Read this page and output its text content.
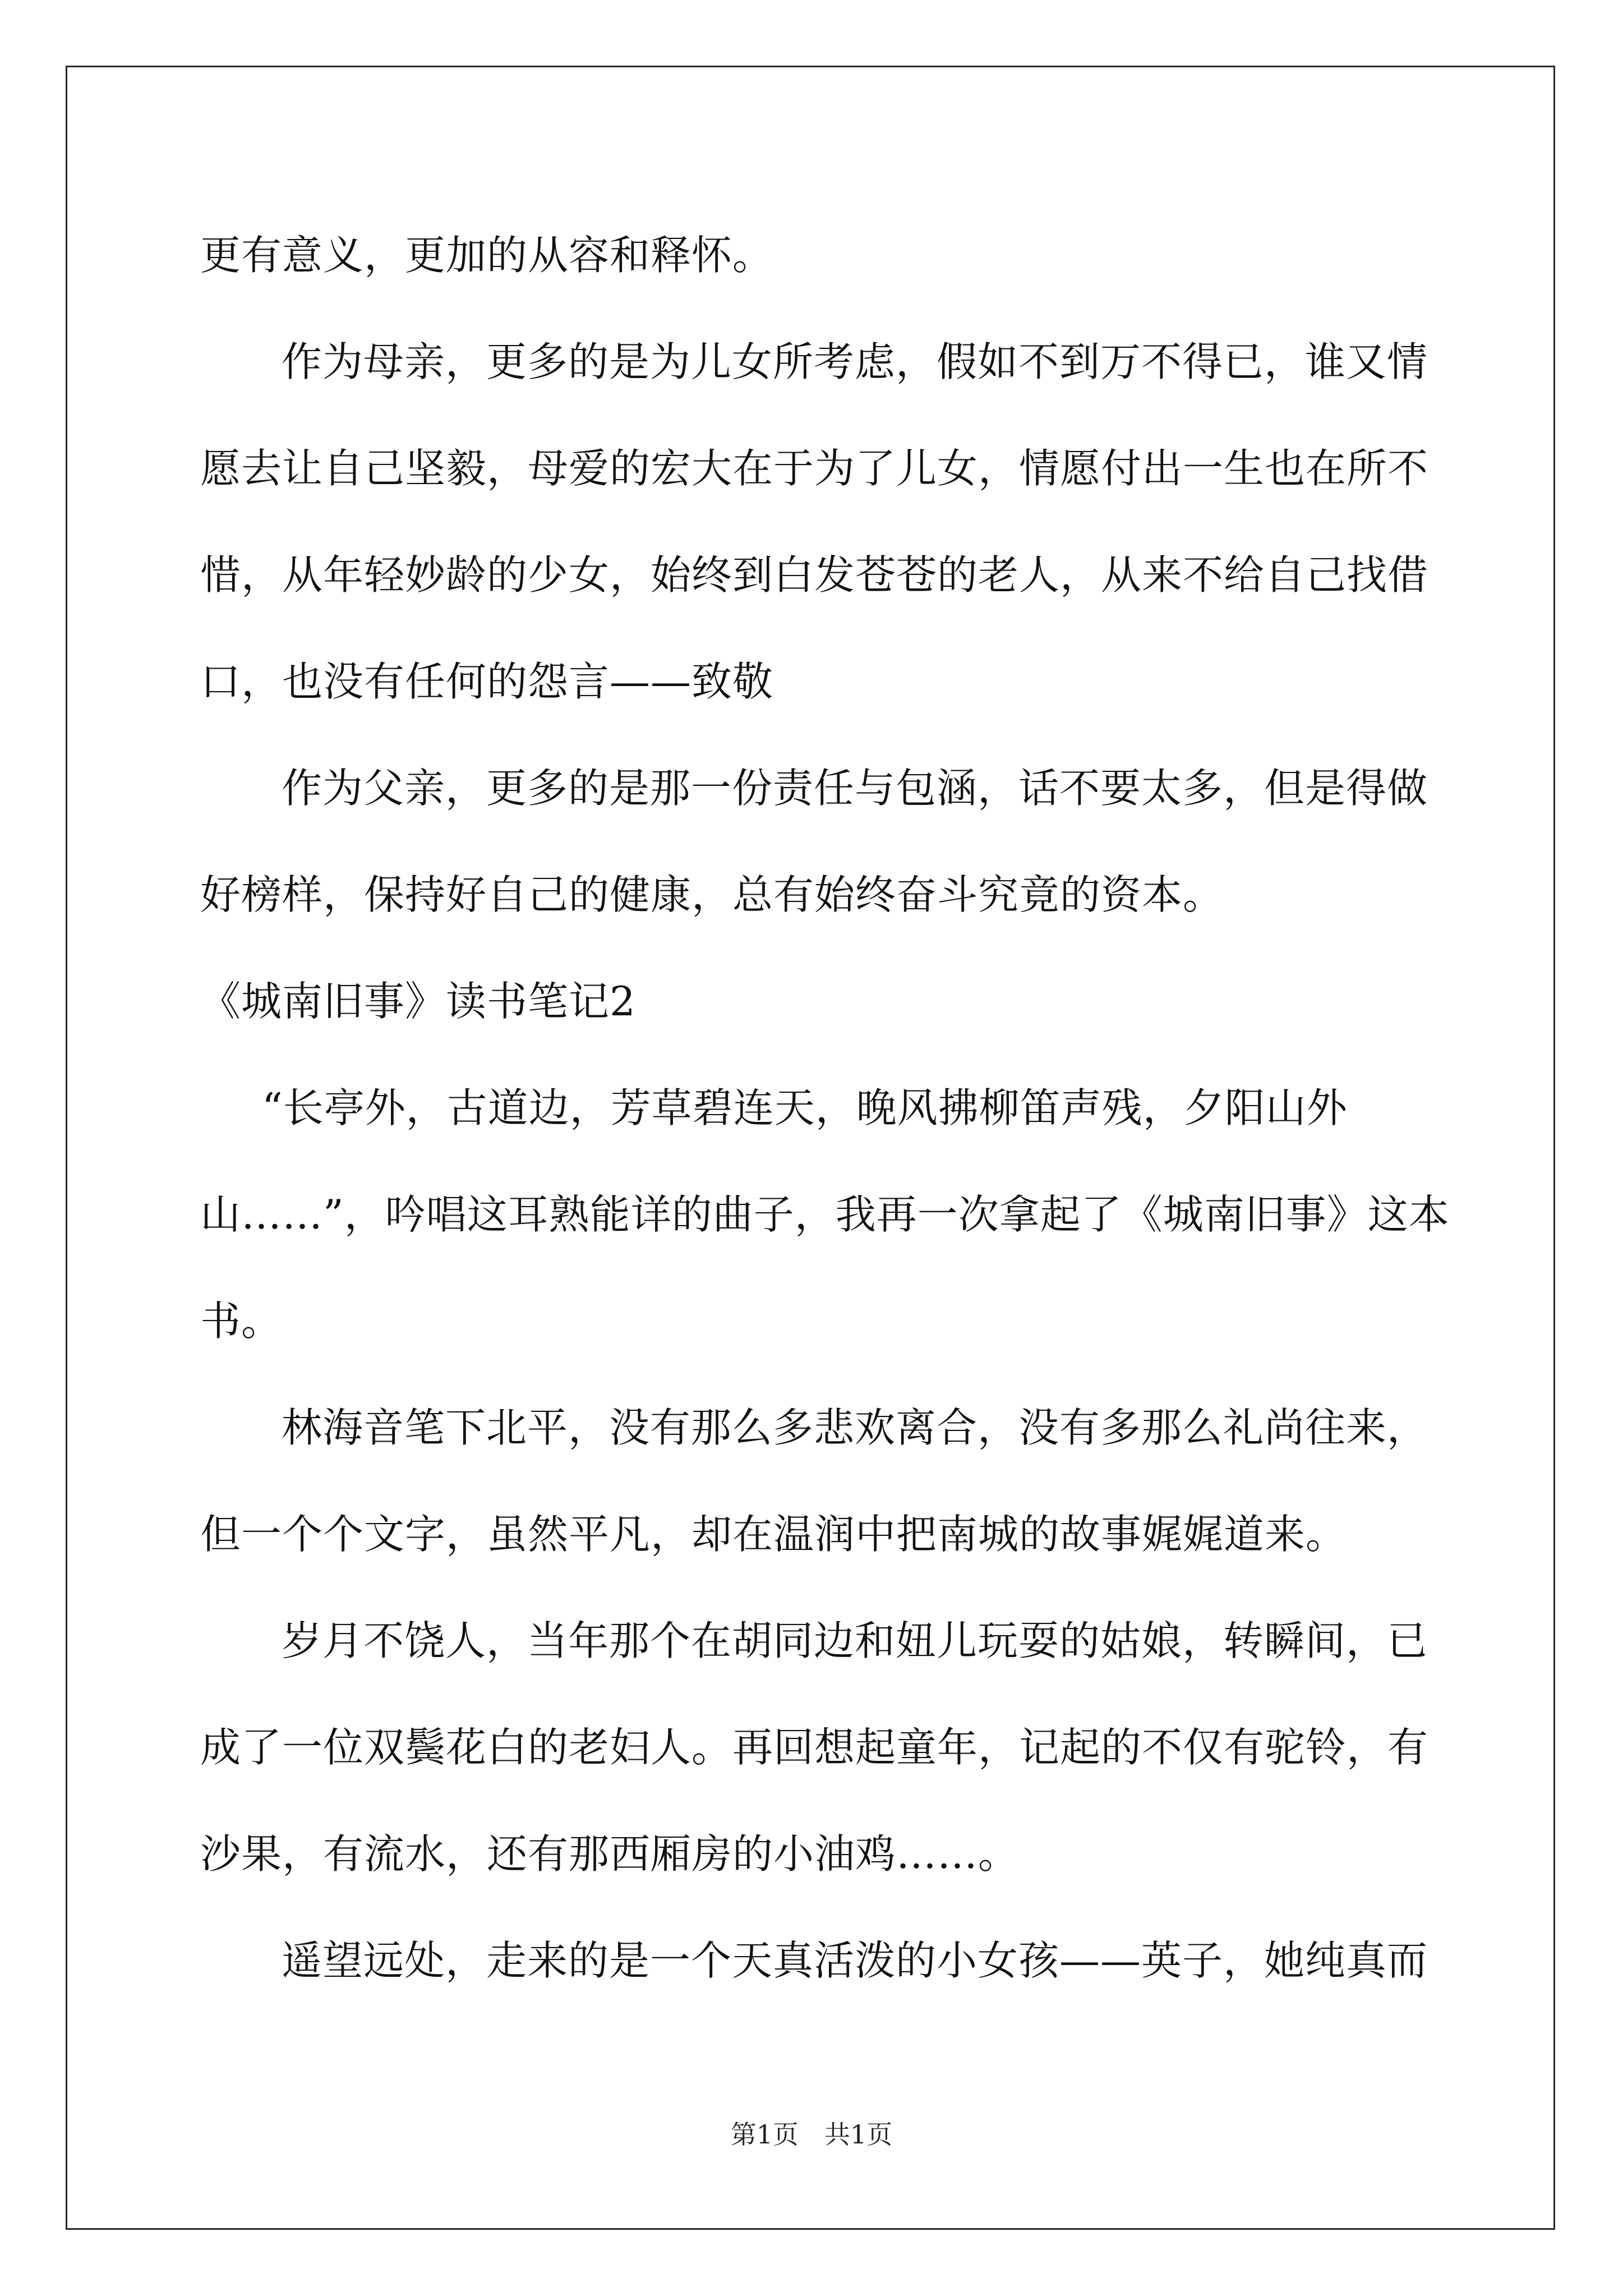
更有意义，更加的从容和释怀。
作为母亲，更多的是为儿女所考虑，假如不到万不得已，谁又情
愿去让自己坚毅，母爱的宏大在于为了儿女，情愿付出一生也在所不
惜，从年轻妙龄的少女，始终到白发苍苍的老人，从来不给自己找借
口，也没有任何的怨言——致敬
作为父亲，更多的是那一份责任与包涵，话不要太多，但是得做
好榜样，保持好自己的健康，总有始终奋斗究竟的资本。
《城南旧事》读书笔记2
“长亭外，古道边，芳草碧连天，晚风拂柳笛声残，夕阳山外
山……”，吟唱这耳熟能详的曲子，我再一次拿起了《城南旧事》这本
书。
林海音笔下北平，没有那么多悲欢离合，没有多那么礼尚往来，
但一个个文字，虽然平凡，却在温润中把南城的故事娓娓道来。
岁月不饶人，当年那个在胡同边和妞儿玩耍的姑娘，转瞬间，已
成了一位双鬓花白的老妇人。再回想起童年，记起的不仅有驼铃，有
沙果，有流水，还有那西厢房的小油鸡……。
遥望远处，走来的是一个天真活泼的小女孩——英子，她纯真而
第1页　共1页
